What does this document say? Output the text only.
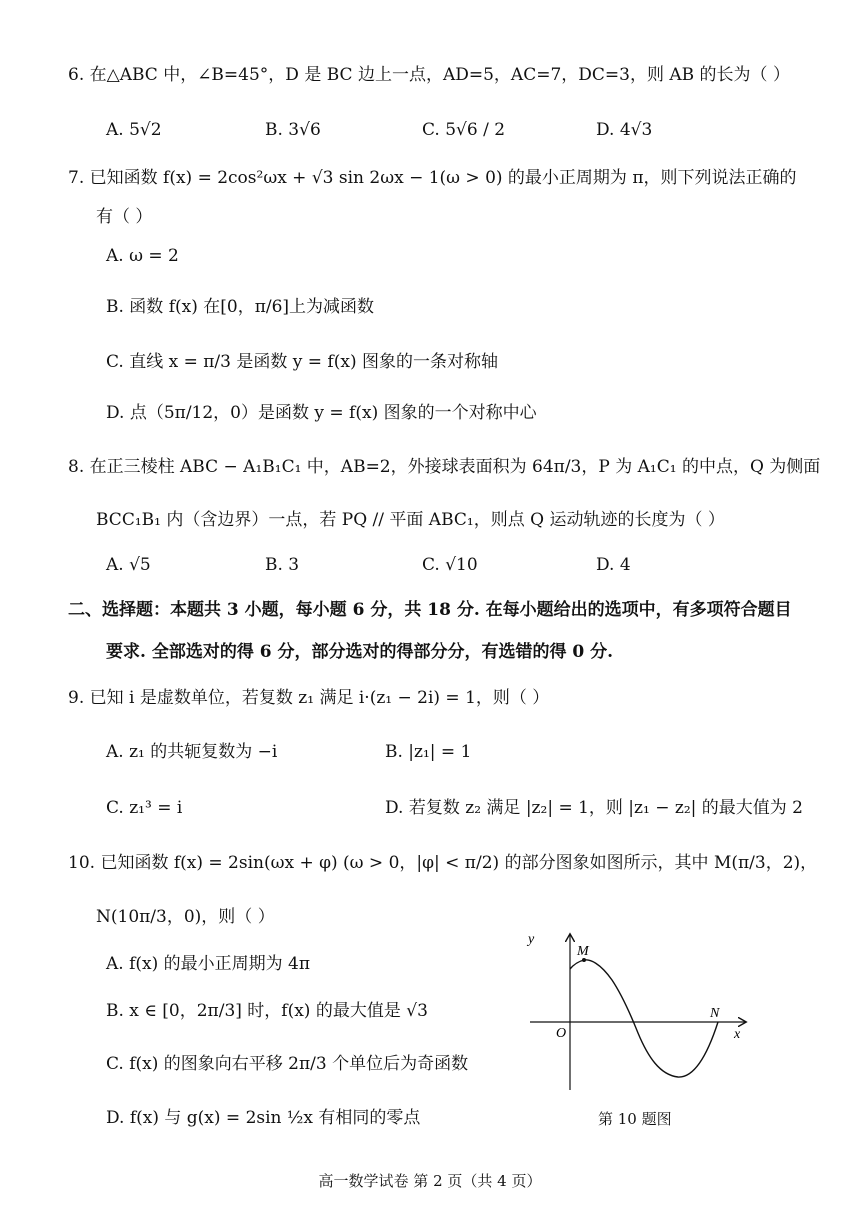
6. 在△ABC 中，∠B=45°，D 是 BC 边上一点，AD=5，AC=7，DC=3，则 AB 的长为（ ）
A. 5√2	B. 3√6	C. 5√6 / 2	D. 4√3
7. 已知函数 f(x) = 2cos²ωx + √3 sin 2ωx − 1(ω > 0) 的最小正周期为 π，则下列说法正确的
有（ ）
A. ω = 2
B. 函数 f(x) 在[0，π/6]上为减函数
C. 直线 x = π/3 是函数 y = f(x) 图象的一条对称轴
D. 点（5π/12，0）是函数 y = f(x) 图象的一个对称中心
8. 在正三棱柱 ABC − A₁B₁C₁ 中，AB=2，外接球表面积为 64π/3，P 为 A₁C₁ 的中点，Q 为侧面
BCC₁B₁ 内（含边界）一点，若 PQ // 平面 ABC₁，则点 Q 运动轨迹的长度为（ ）
A. √5	B. 3	C. √10	D. 4
二、选择题：本题共 3 小题，每小题 6 分，共 18 分. 在每小题给出的选项中，有多项符合题目
要求. 全部选对的得 6 分，部分选对的得部分分，有选错的得 0 分.
9. 已知 i 是虚数单位，若复数 z₁ 满足 i·(z₁ − 2i) = 1，则（ ）
A. z₁ 的共轭复数为 −i	B. |z₁| = 1
C. z₁³ = i	D. 若复数 z₂ 满足 |z₂| = 1，则 |z₁ − z₂| 的最大值为 2
10. 已知函数 f(x) = 2sin(ωx + φ) (ω > 0，|φ| < π/2) 的部分图象如图所示，其中 M(π/3，2)，
N(10π/3，0)，则（ ）
A. f(x) 的最小正周期为 4π
B. x ∈ [0，2π/3] 时，f(x) 的最大值是 √3
C. f(x) 的图象向右平移 2π/3 个单位后为奇函数
D. f(x) 与 g(x) = 2sin ½x 有相同的零点
y
x
O
M
N
第 10 题图
高一数学试卷 第 2 页（共 4 页）
